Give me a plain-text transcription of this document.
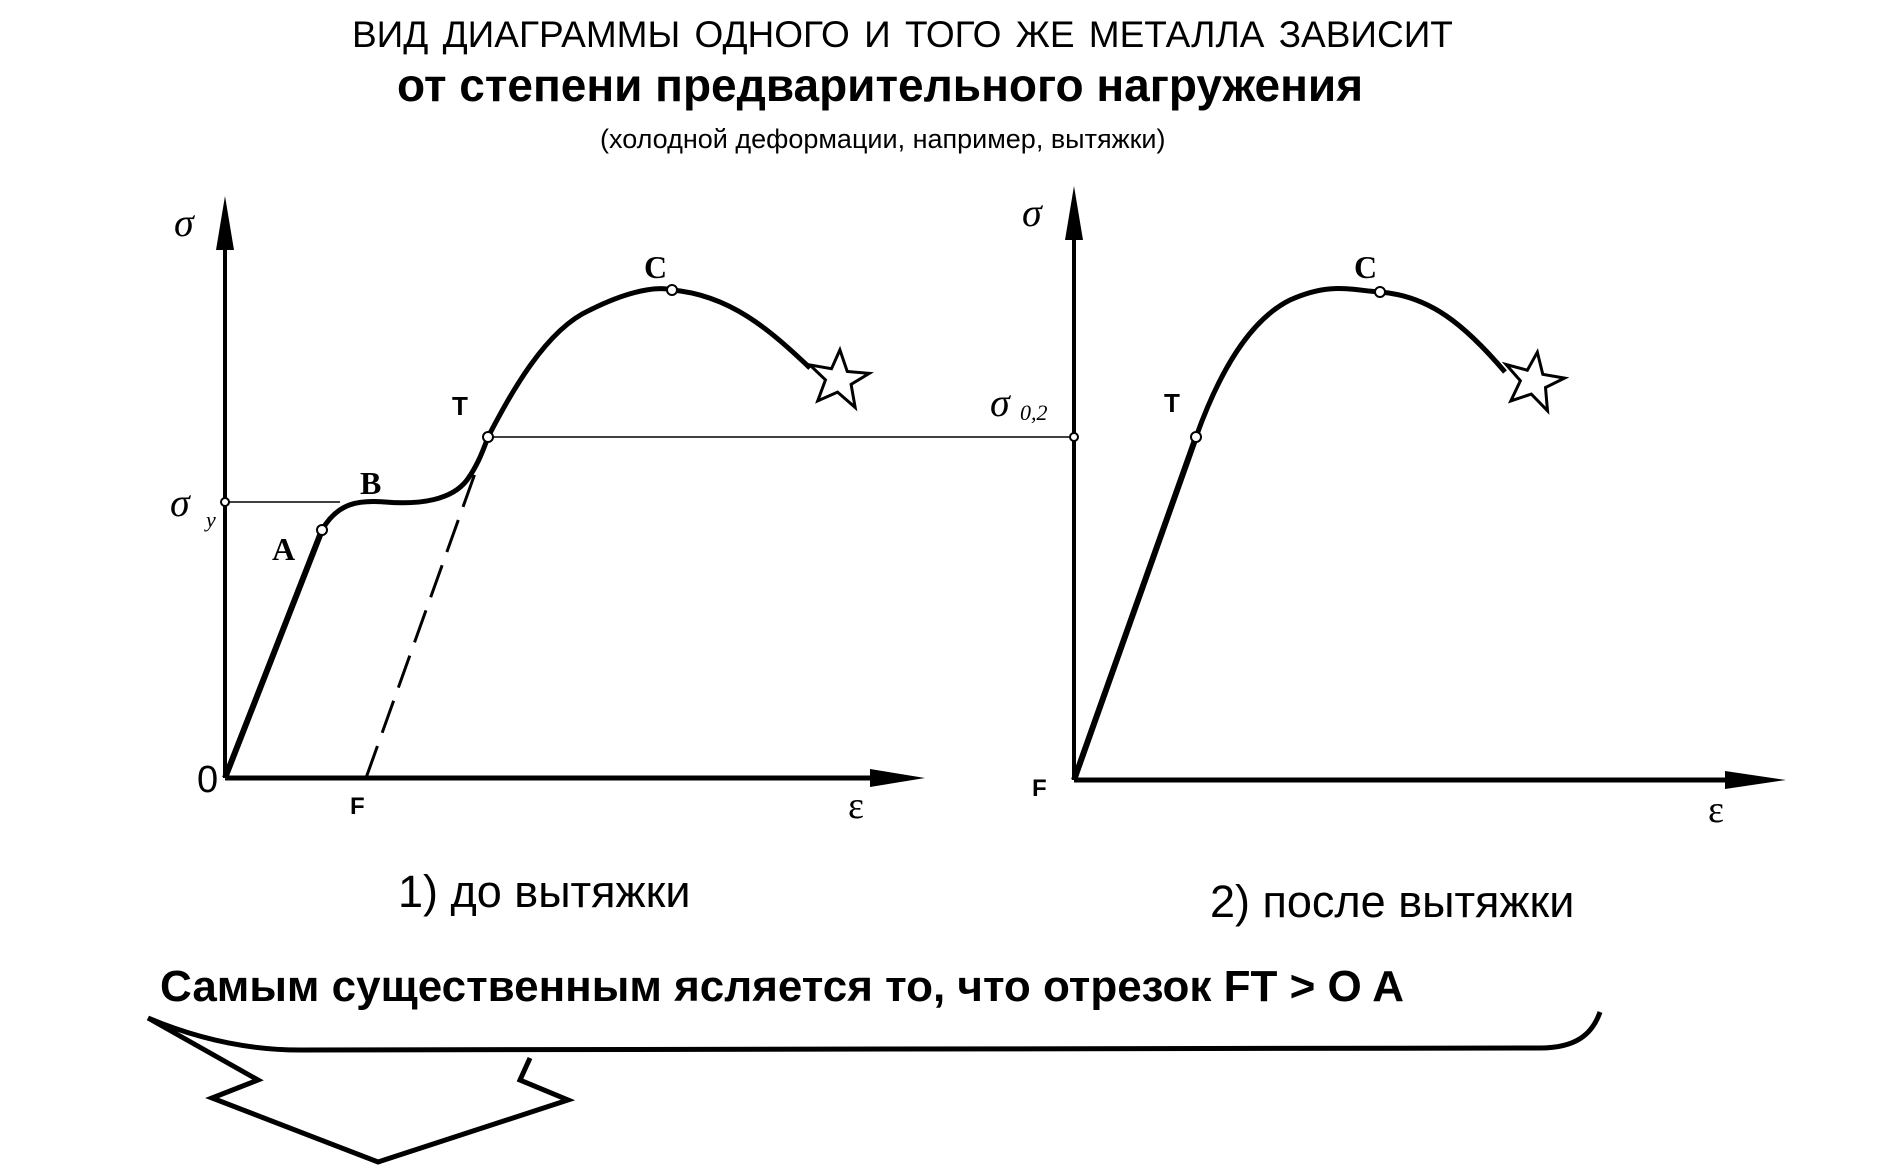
ВИД ДИАГРАММЫ ОДНОГО И ТОГО ЖЕ МЕТАЛЛА ЗАВИСИТ
от степени предварительного нагружения
(холодной деформации, например, вытяжки)
σ
ε
0
σ у
A
B
T
C
F
σ
ε
F
σ 0,2	T
C
1) до вытяжки	2) после вытяжки
Самым существенным ясляется то, что отрезок FT > O A
